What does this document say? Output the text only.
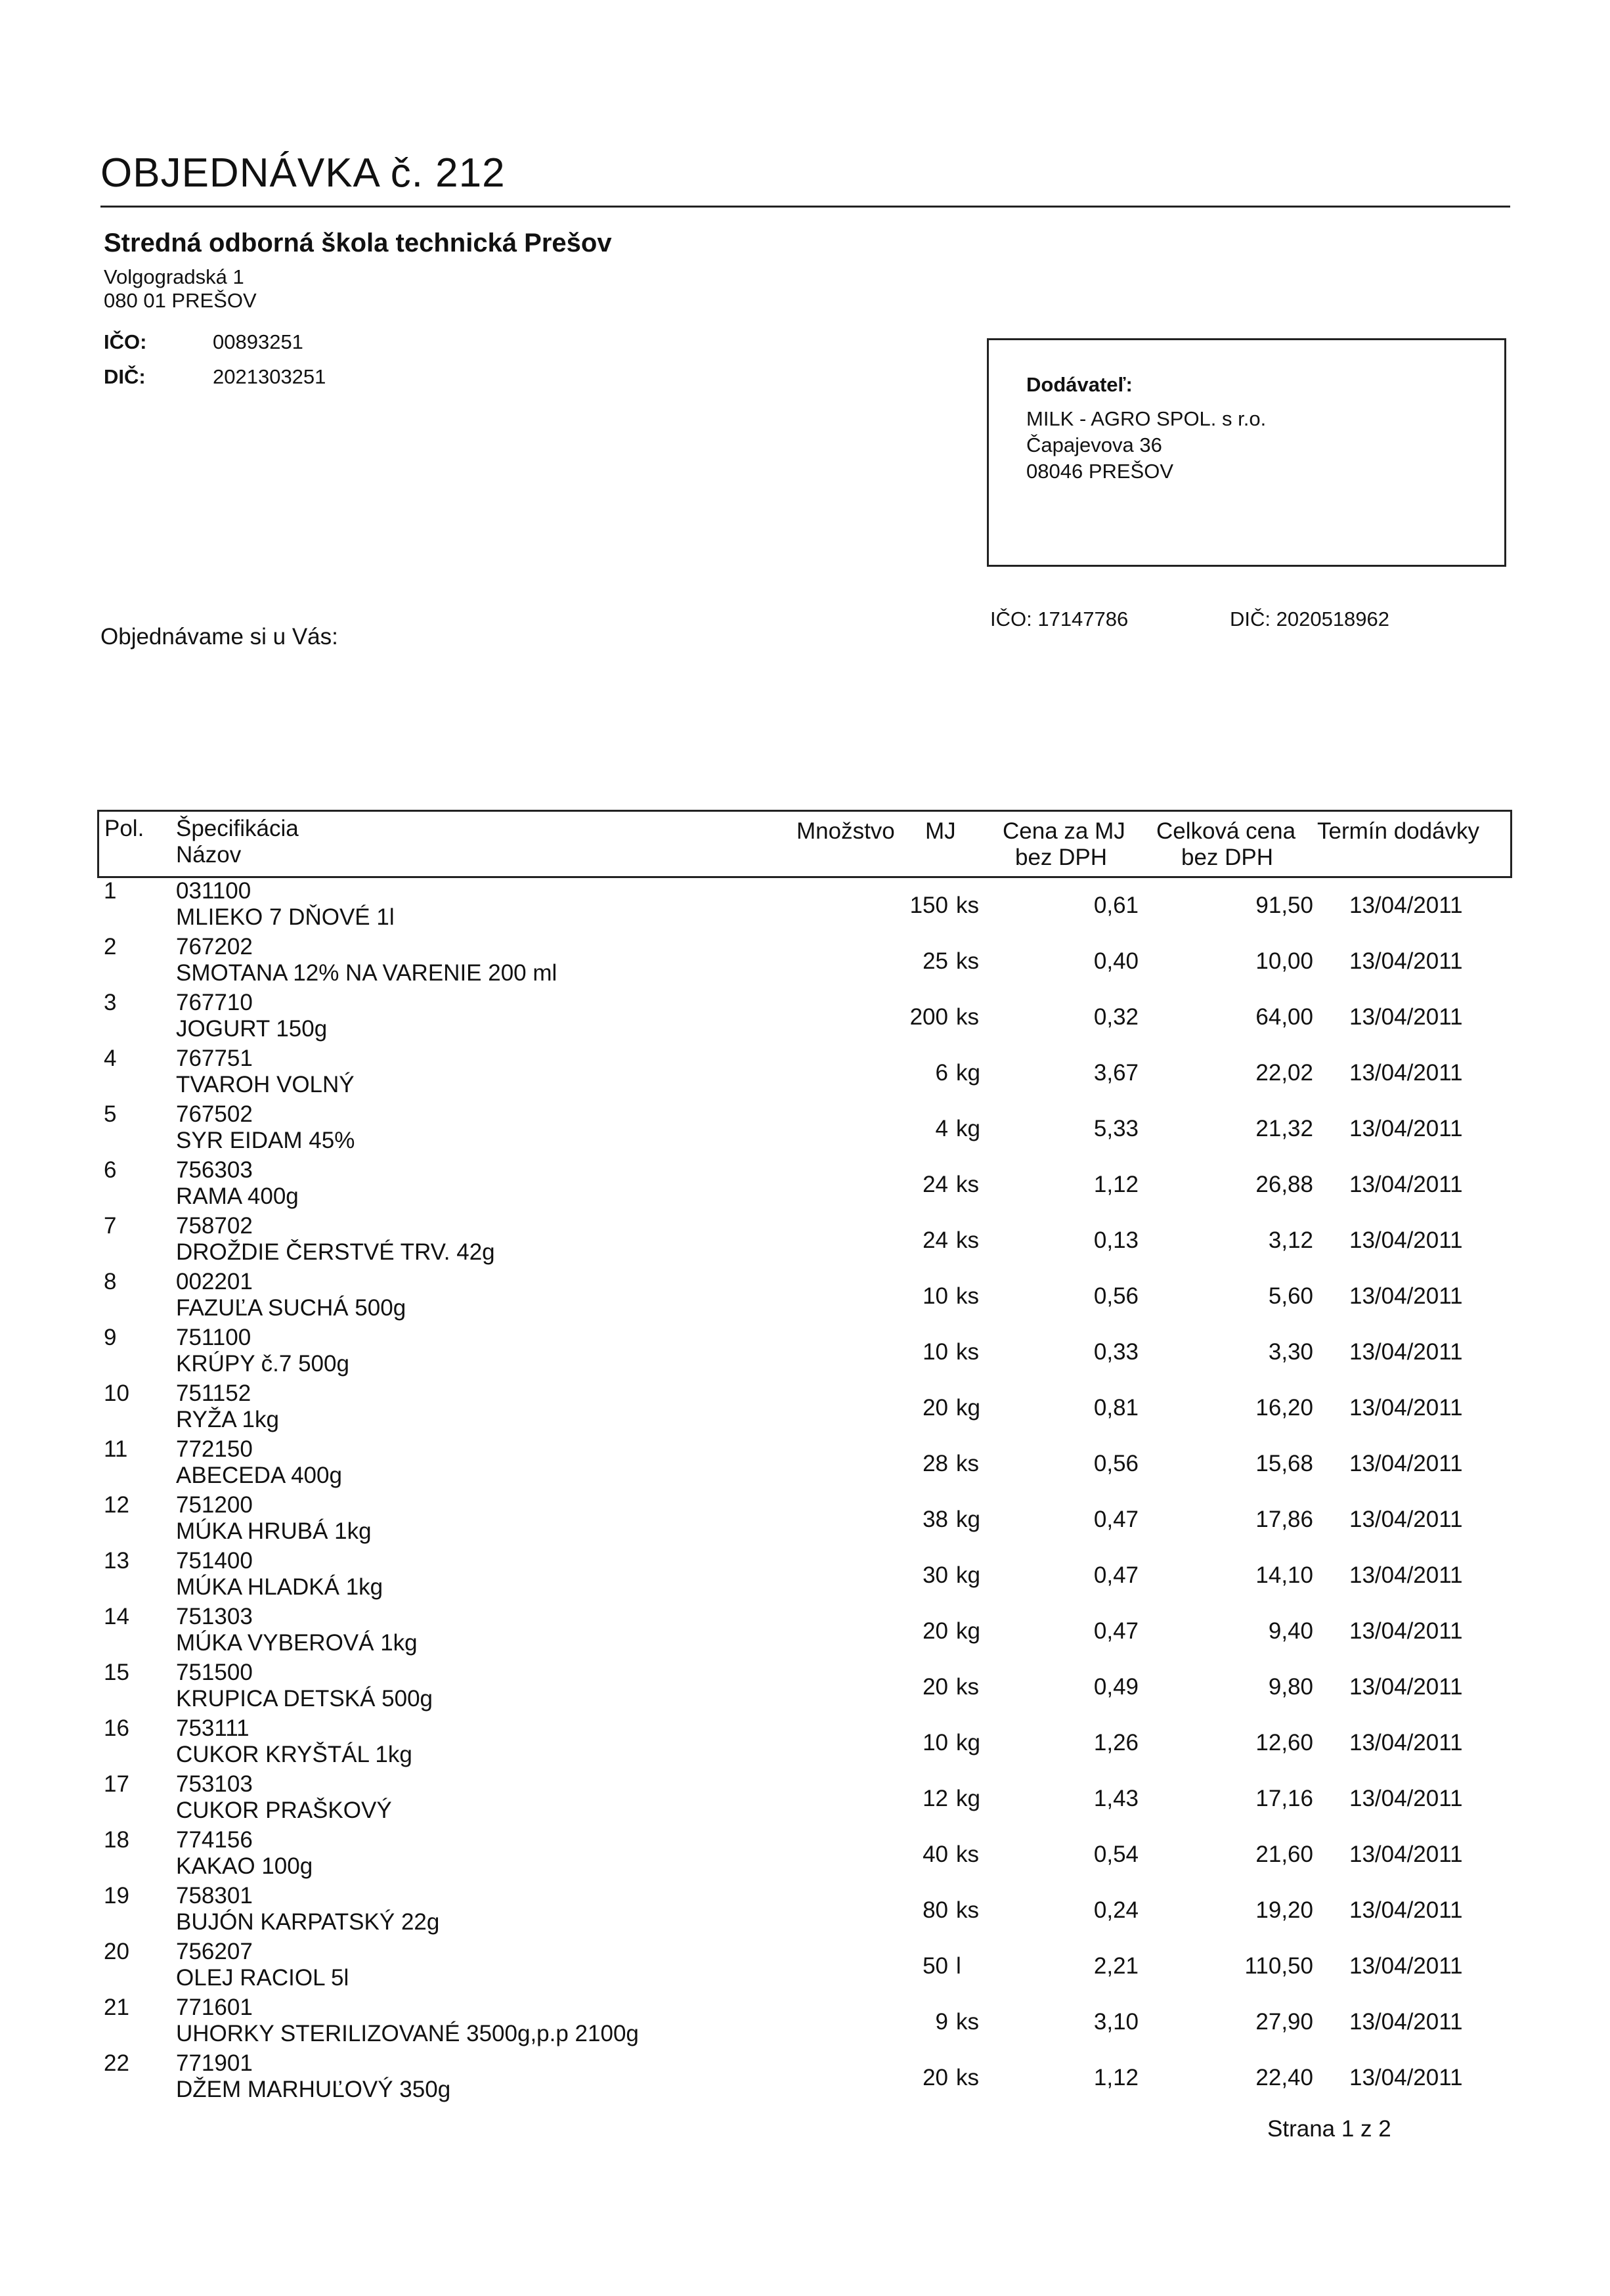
OBJEDNÁVKA č. 212
Stredná odborná škola technická Prešov
Volgogradská 1
080 01 PREŠOV
IČO:	00893251
DIČ:	2021303251	Dodávateľ:
MILK - AGRO SPOL. s r.o.
Čapajevova 36
08046 PREŠOV
IČO: 17147786	DIČ: 2020518962
Objednávame si u Vás:
Pol. Špecifikácia
Názov
Množstvo MJ Cena za MJ
bez DPH
Celková cena
bez DPH
Termín dodávky
1	031100
MLIEKO 7 DŇOVÉ 1l	150 ks	0,61	91,50 13/04/2011
2	767202
SMOTANA 12% NA VARENIE 200 ml	25 ks	0,40	10,00 13/04/2011
3	767710
JOGURT 150g	200 ks	0,32	64,00 13/04/2011
4	767751
TVAROH VOLNÝ	6 kg	3,67	22,02 13/04/2011
5	767502
SYR EIDAM 45%	4 kg	5,33	21,32 13/04/2011
6	756303
RAMA 400g	24 ks	1,12	26,88 13/04/2011
7	758702
DROŽDIE ČERSTVÉ TRV. 42g	24 ks	0,13	3,12 13/04/2011
8	002201
FAZUĽA SUCHÁ 500g	10 ks	0,56	5,60 13/04/2011
9	751100
KRÚPY č.7 500g	10 ks	0,33	3,30 13/04/2011
10 751152
RYŽA 1kg	20 kg	0,81	16,20 13/04/2011
11 772150
ABECEDA 400g	28 ks	0,56	15,68 13/04/2011
12 751200
MÚKA HRUBÁ 1kg	38 kg	0,47	17,86 13/04/2011
13 751400
MÚKA HLADKÁ 1kg	30 kg	0,47	14,10 13/04/2011
14 751303
MÚKA VYBEROVÁ 1kg	20 kg	0,47	9,40 13/04/2011
15 751500
KRUPICA DETSKÁ 500g	20 ks	0,49	9,80 13/04/2011
16 753111
CUKOR KRYŠTÁL 1kg	10 kg	1,26	12,60 13/04/2011
17 753103
CUKOR PRAŠKOVÝ	12 kg	1,43	17,16 13/04/2011
18 774156
KAKAO 100g	40 ks	0,54	21,60 13/04/2011
19 758301
BUJÓN KARPATSKÝ 22g	80 ks	0,24	19,20 13/04/2011
20 756207
OLEJ RACIOL 5l	50 l	2,21	110,50 13/04/2011
21 771601
UHORKY STERILIZOVANÉ 3500g,p.p 2100g	9 ks	3,10	27,90 13/04/2011
22 771901
DŽEM MARHUĽOVÝ 350g	20 ks	1,12	22,40 13/04/2011
Strana 1 z 2
